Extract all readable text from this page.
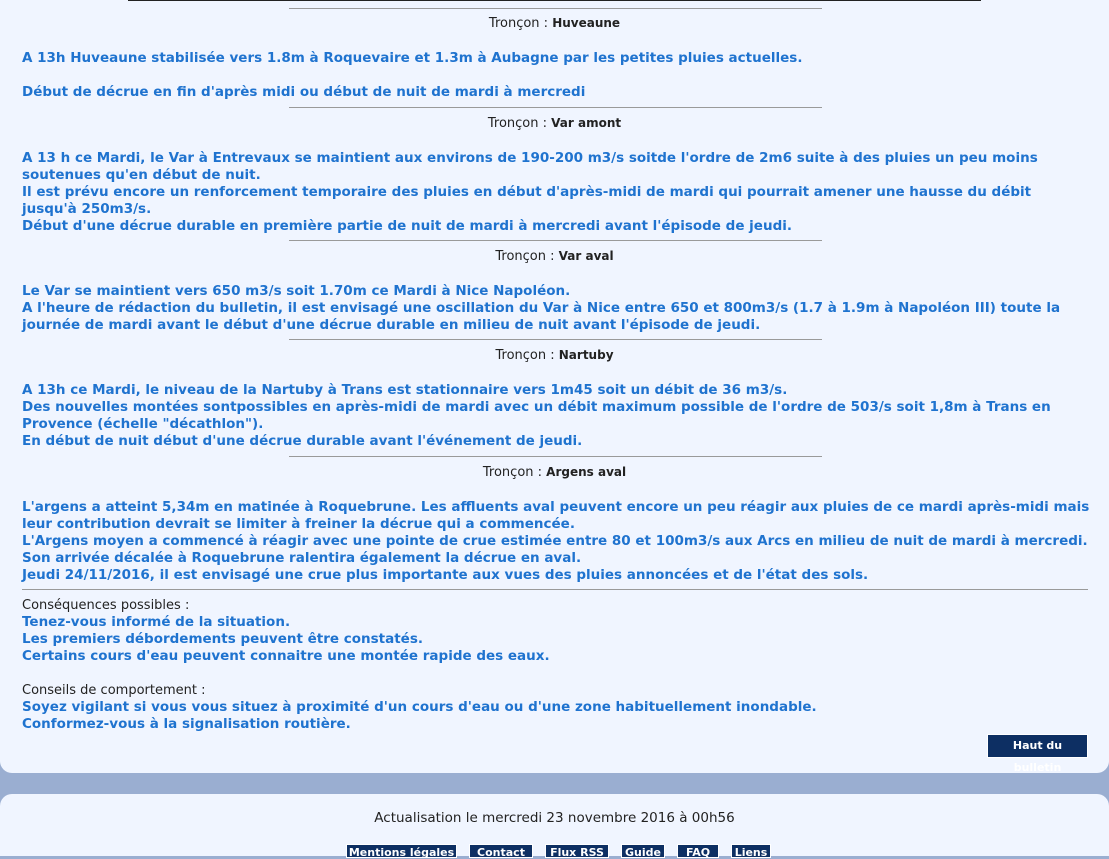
Tronçon : Huveaune
A 13h Huveaune stabilisée vers 1.8m à Roquevaire et 1.3m à Aubagne par les petites pluies actuelles.
Début de décrue en fin d'après midi ou début de nuit de mardi à mercredi
Tronçon : Var amont
A 13 h ce Mardi, le Var à Entrevaux se maintient aux environs de 190-200 m3/s soitde l'ordre de 2m6 suite à des pluies un peu moins soutenues qu'en début de nuit.
Il est prévu encore un renforcement temporaire des pluies en début d'après-midi de mardi qui pourrait amener une hausse du débit jusqu'à 250m3/s.
Début d'une décrue durable en première partie de nuit de mardi à mercredi avant l'épisode de jeudi.
Tronçon : Var aval
Le Var se maintient vers 650 m3/s soit 1.70m ce Mardi à Nice Napoléon.
A l'heure de rédaction du bulletin, il est envisagé une oscillation du Var à Nice entre 650 et 800m3/s (1.7 à 1.9m à Napoléon III) toute la journée de mardi avant le début d'une décrue durable en milieu de nuit avant l'épisode de jeudi.
Tronçon : Nartuby
A 13h ce Mardi, le niveau de la Nartuby à Trans est stationnaire vers 1m45 soit un débit de 36 m3/s.
Des nouvelles montées sontpossibles en après-midi de mardi avec un débit maximum possible de l'ordre de 503/s soit 1,8m à Trans en Provence (échelle "décathlon").
En début de nuit début d'une décrue durable avant l'événement de jeudi.
Tronçon : Argens aval
L'argens a atteint 5,34m en matinée à Roquebrune. Les affluents aval peuvent encore un peu réagir aux pluies de ce mardi après-midi mais leur contribution devrait se limiter à freiner la décrue qui a commencée.
L'Argens moyen a commencé à réagir avec une pointe de crue estimée entre 80 et 100m3/s aux Arcs en milieu de nuit de mardi à mercredi.
Son arrivée décalée à Roquebrune ralentira également la décrue en aval.
Jeudi 24/11/2016, il est envisagé une crue plus importante aux vues des pluies annoncées et de l'état des sols.
Conséquences possibles :
Tenez-vous informé de la situation.
Les premiers débordements peuvent être constatés.
Certains cours d'eau peuvent connaitre une montée rapide des eaux.
Conseils de comportement :
Soyez vigilant si vous vous situez à proximité d'un cours d'eau ou d'une zone habituellement inondable.
Conformez-vous à la signalisation routière.
Haut du bulletin
Actualisation le mercredi 23 novembre 2016 à 00h56
Mentions légales	Contact	Flux RSS	Guide	FAQ	Liens
